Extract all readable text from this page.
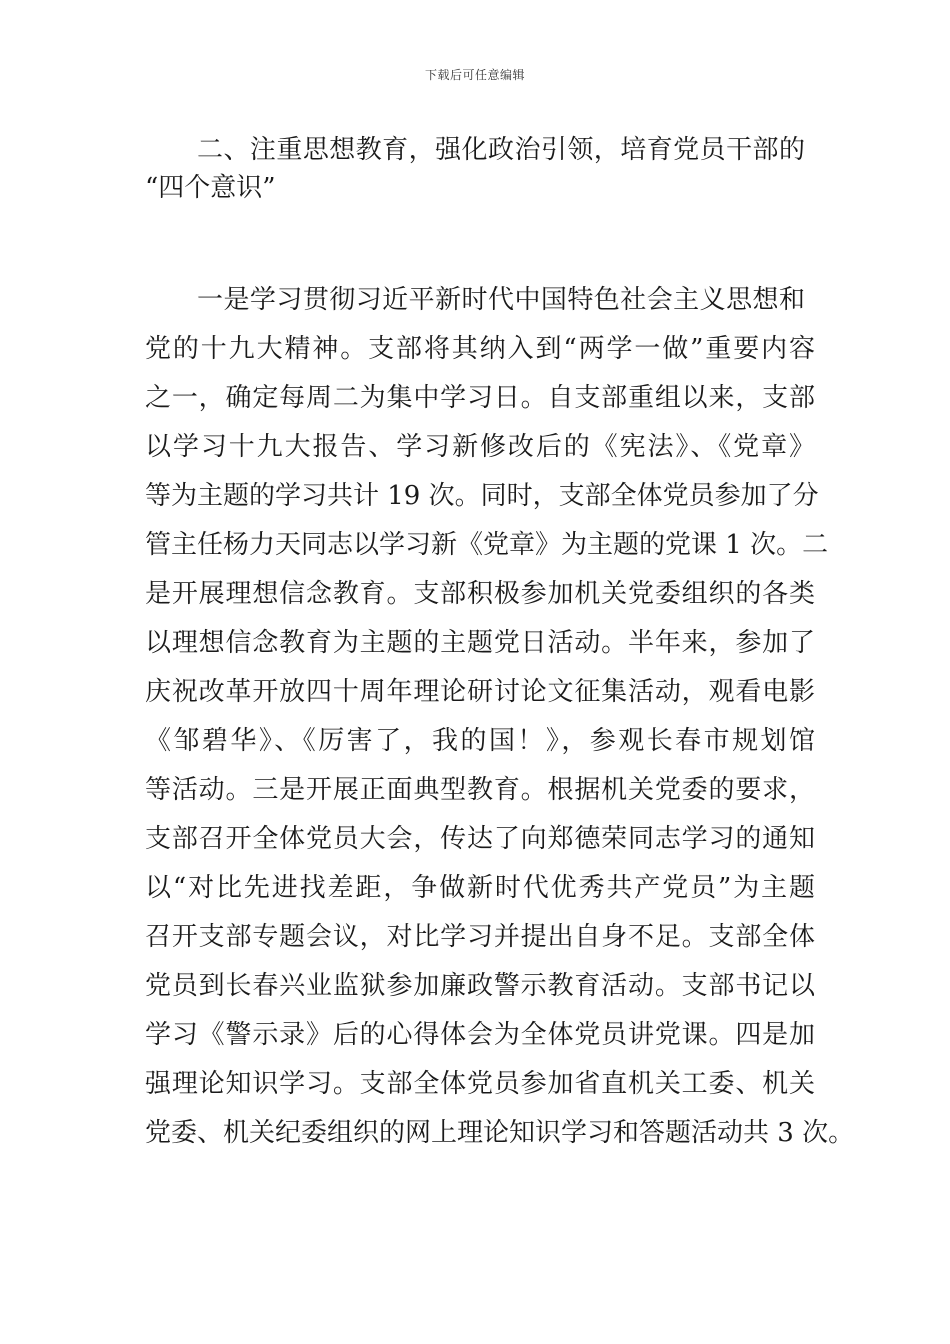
下载后可任意编辑
二、注重思想教育，强化政治引领，培育党员干部的
“四个意识”
一是学习贯彻习近平新时代中国特色社会主义思想和
党的十九大精神。支部将其纳入到“两学一做”重要内容
之一，确定每周二为集中学习日。自支部重组以来，支部
以学习十九大报告、学习新修改后的《宪法》、《党章》
等为主题的学习共计 19 次。同时，支部全体党员参加了分
管主任杨力天同志以学习新《党章》为主题的党课 1 次。二
是开展理想信念教育。支部积极参加机关党委组织的各类
以理想信念教育为主题的主题党日活动。半年来，参加了
庆祝改革开放四十周年理论研讨论文征集活动，观看电影
《邹碧华》、《厉害了，我的国！》，参观长春市规划馆
等活动。三是开展正面典型教育。根据机关党委的要求，
支部召开全体党员大会，传达了向郑德荣同志学习的通知
以“对比先进找差距，争做新时代优秀共产党员”为主题
召开支部专题会议，对比学习并提出自身不足。支部全体
党员到长春兴业监狱参加廉政警示教育活动。支部书记以
学习《警示录》后的心得体会为全体党员讲党课。四是加
强理论知识学习。支部全体党员参加省直机关工委、机关
党委、机关纪委组织的网上理论知识学习和答题活动共 3 次。
